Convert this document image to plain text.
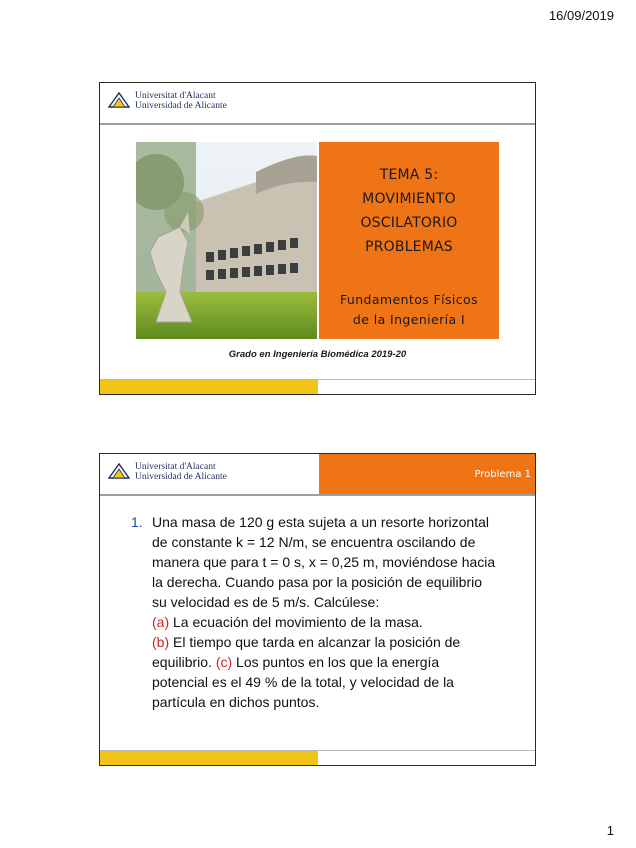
16/09/2019
Universitat d'Alacant
Universidad de Alicante
TEMA 5:
MOVIMIENTO
OSCILATORIO
PROBLEMAS
Fundamentos Físicos
de la Ingeniería I
Grado en Ingeniería Biomédica 2019-20
Universitat d'Alacant
Universidad de Alicante	Problema 1
1. Una masa de 120 g esta sujeta a un resorte horizontal de constante k = 12 N/m, se encuentra oscilando de manera que para t = 0 s, x = 0,25 m, moviéndose hacia la derecha. Cuando pasa por la posición de equilibrio su velocidad es de 5 m/s. Calcúlese:
(a) La ecuación del movimiento de la masa.
(b) El tiempo que tarda en alcanzar la posición de equilibrio. (c) Los puntos en los que la energía potencial es el 49 % de la total, y velocidad de la partícula en dichos puntos.
1
